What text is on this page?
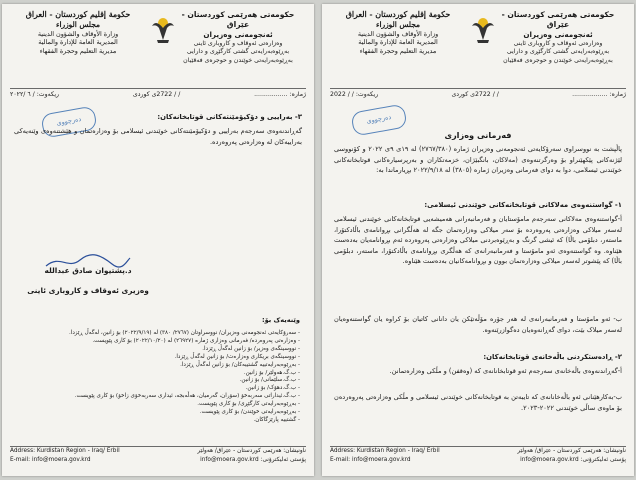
حکومەتی هەرێمی کوردستان - عێراق
ئەنجومەنی وەزیران
وەزارەتی ئەوقاف و کاروباری ئاینی
بەڕێوەبەرایەتی گشتی کارگێڕی و دارایی
بەڕێوەبەرایەتی خوێندن و حوجرەی فەقێیان
حكومة إقليم كوردستان - العراق
مجلس الوزراء
وزارة الأوقاف والشؤون الدينية
المديرية العامة للإدارة والمالية
مديرية التعليم وحجرة الفقهاء
ژمارە: ..................
/ / 2722ی کوردی
ریکەوت: / / 2022
دەرچووی
فەرمانی وەزاری

پاڵپشت بە نووسراوی سەرۆکایەتی ئەنجومەنی وەزیران ژمارە (٢٧٦٧/٣٨٠) لە ١٩ی ٩ی ٢٠٢٢ و کۆنووسی لێژنەکانی پێکهێنراو بۆ وەرگرتنەوەی (مەلاکان، بانگبێژان، خزمەتکاران و بەرپرسیارەکانی قوتابخانەکانی خوێندنی ئیسلامی، دوا بە دوای فەرمانی وەزیران ژمارە (٣٨٠٥) لە ٢٠٢٢/٩/١٨ بڕیارماندا بە:

١- گواستنەوەی مەلاکانی قوتابخانەکانی خوێندنی ئیسلامی:

أ-گواستنەوەی مەلاکانی سەرجەم مامۆستایان و فەرمانبەرانی هەمیشەیی قوتابخانەکانی خوێندنی ئیسلامی لەسەر میلاکی وەزارەتی پەروەردە بۆ سەر میلاکی وەزارەتمان جگە لە هەڵگرانی بڕوانامەی باڵادکتۆرا، ماستەر، دبلۆمی باڵا) کە ئیشی گرنگ و بەڕێوەبردنی میلاکی وەزارەتی پەروەردە ئەم بڕوانامەیان بەدەست هێناوە. وە گواستنەوەی ئەو مامۆستا و فەرمانبەرانەی کە هەڵگری بڕوانامەی باڵادکتۆرا، ماستەر، دبلۆمی باڵا) کە پێشوتر لەسەر میلاکی وەزارەتمان بوون و بڕوانامەکانیان بەدەست هێناوە.

ب- ئەو مامۆستا و فەرمانبەرانەی لە هەر جۆرە مۆڵەتێکن یان دانانی کاتیان بۆ کراوە یان گواستنەوەیان لەسەر میلاک بێت، دوای گەڕانەوەیان دەگوازرێنەوە.

٢- ڕادەستکردنی باڵەخانەی قوتابخانەکان:

أ-گەڕاندنەوەی باڵەخانەی سەرجەم ئەو قوتابخانانەی کە (وەقفن) و مڵکی وەزارەتمانن.

ب-بەکارهێنانی ئەو باڵەخانانەی کە تایبەتن بە قوتابخانەکانی خوێندنی ئیسلامی و مڵکی وەزارەتی پەروەردەن بۆ ماوەی ساڵی خوێندنی ٢٠٢٢-٢٠٢٣.

Address: Kurdistan Region - Iraq/ Erbil	ناونیشان: هەرێمی کوردستان - عێراق/ هەولێر
E-mail: info@moera.gov.krd	پۆستی ئەلیکترۆنی: info@moera.gov.krd
حکومەتی هەرێمی کوردستان - عێراق
ئەنجومەنی وەزیران
وەزارەتی ئەوقاف و کاروباری ئاینی
بەڕێوەبەرایەتی گشتی کارگێڕی و دارایی
بەڕێوەبەرایەتی خوێندن و حوجرەی فەقێیان
حكومة إقليم كوردستان - العراق
مجلس الوزراء
وزارة الأوقاف والشؤون الدينية
المديرية العامة للإدارة والمالية
مديرية التعليم وحجرة الفقهاء
ژمارە: .................
/ / 2722ی کوردی
ریکەوت: / ٦ /٢٠٢٢
دەرچووی	٣- بەراییی و دۆکیۆمێنتەکانی قوتابخانەکان:

گەڕاندنەوەی سەرجەم بەراییی و دۆکیۆمێنتەکانی خوێندنی ئیسلامی بۆ وەزارەتمان و هێشتنەوەی وێنەیەکی بەراییەکان لە وەزارەتی پەروەردە.

د.پشتیوان صادق عبداللە
وەزیری ئەوقاف و کاروباری ئاینی
وێنەیەک بۆ:
- سەرۆکایەتی ئەنجومەنی وەزیران/ نووسراوتان (٢٧٦٧/ ٣٨٠) لە (٢٠٢٢/٩/١٩) بۆ زانین، لەگەڵ ڕێزدا.
- وەزارەتی پەروەردە/ فەرمانی وەزاری ژمارە (٢٦٩٢٧) لە (٢٠٢٢/١٠/٢٠) بۆ کاری پێویست.
- نووسینگەی وەزیر/ بۆ زانین لەگەڵ ڕێزدا.
- نووسینگەی بریکاری وەزارەت/ بۆ زانین لەگەڵ ڕێزدا.
- بەڕێوەبەرایەتییە گشتییەکان/ بۆ زانین لەگەڵ ڕێزدا.
- ب.گ.هەولێر/ بۆ زانین.
- ب.گ.سلێمانی/ بۆ زانین.
- ب.گ.دهۆک/ بۆ زانین.
- ب.گ.ئیداراتی سەربەخۆ (سۆران، گەرمیان، هەڵەبجە، ئیداری سەربەخۆی زاخۆ) بۆ کاری پێویست.
- بەڕێوەبەرایەتی کارگێڕی/ بۆ کاری پێویست.
- بەڕێوەبەرایەتی خوێندن/ بۆ کاری پێویست.
- گشتییە پارێزگاکان.
Address: Kurdistan Region - Iraq/ Erbil	ناونیشان: هەرێمی کوردستان - عێراق/ هەولێر
E-mail: info@moera.gov.krd	پۆستی ئەلیکترۆنی: info@moera.gov.krd
